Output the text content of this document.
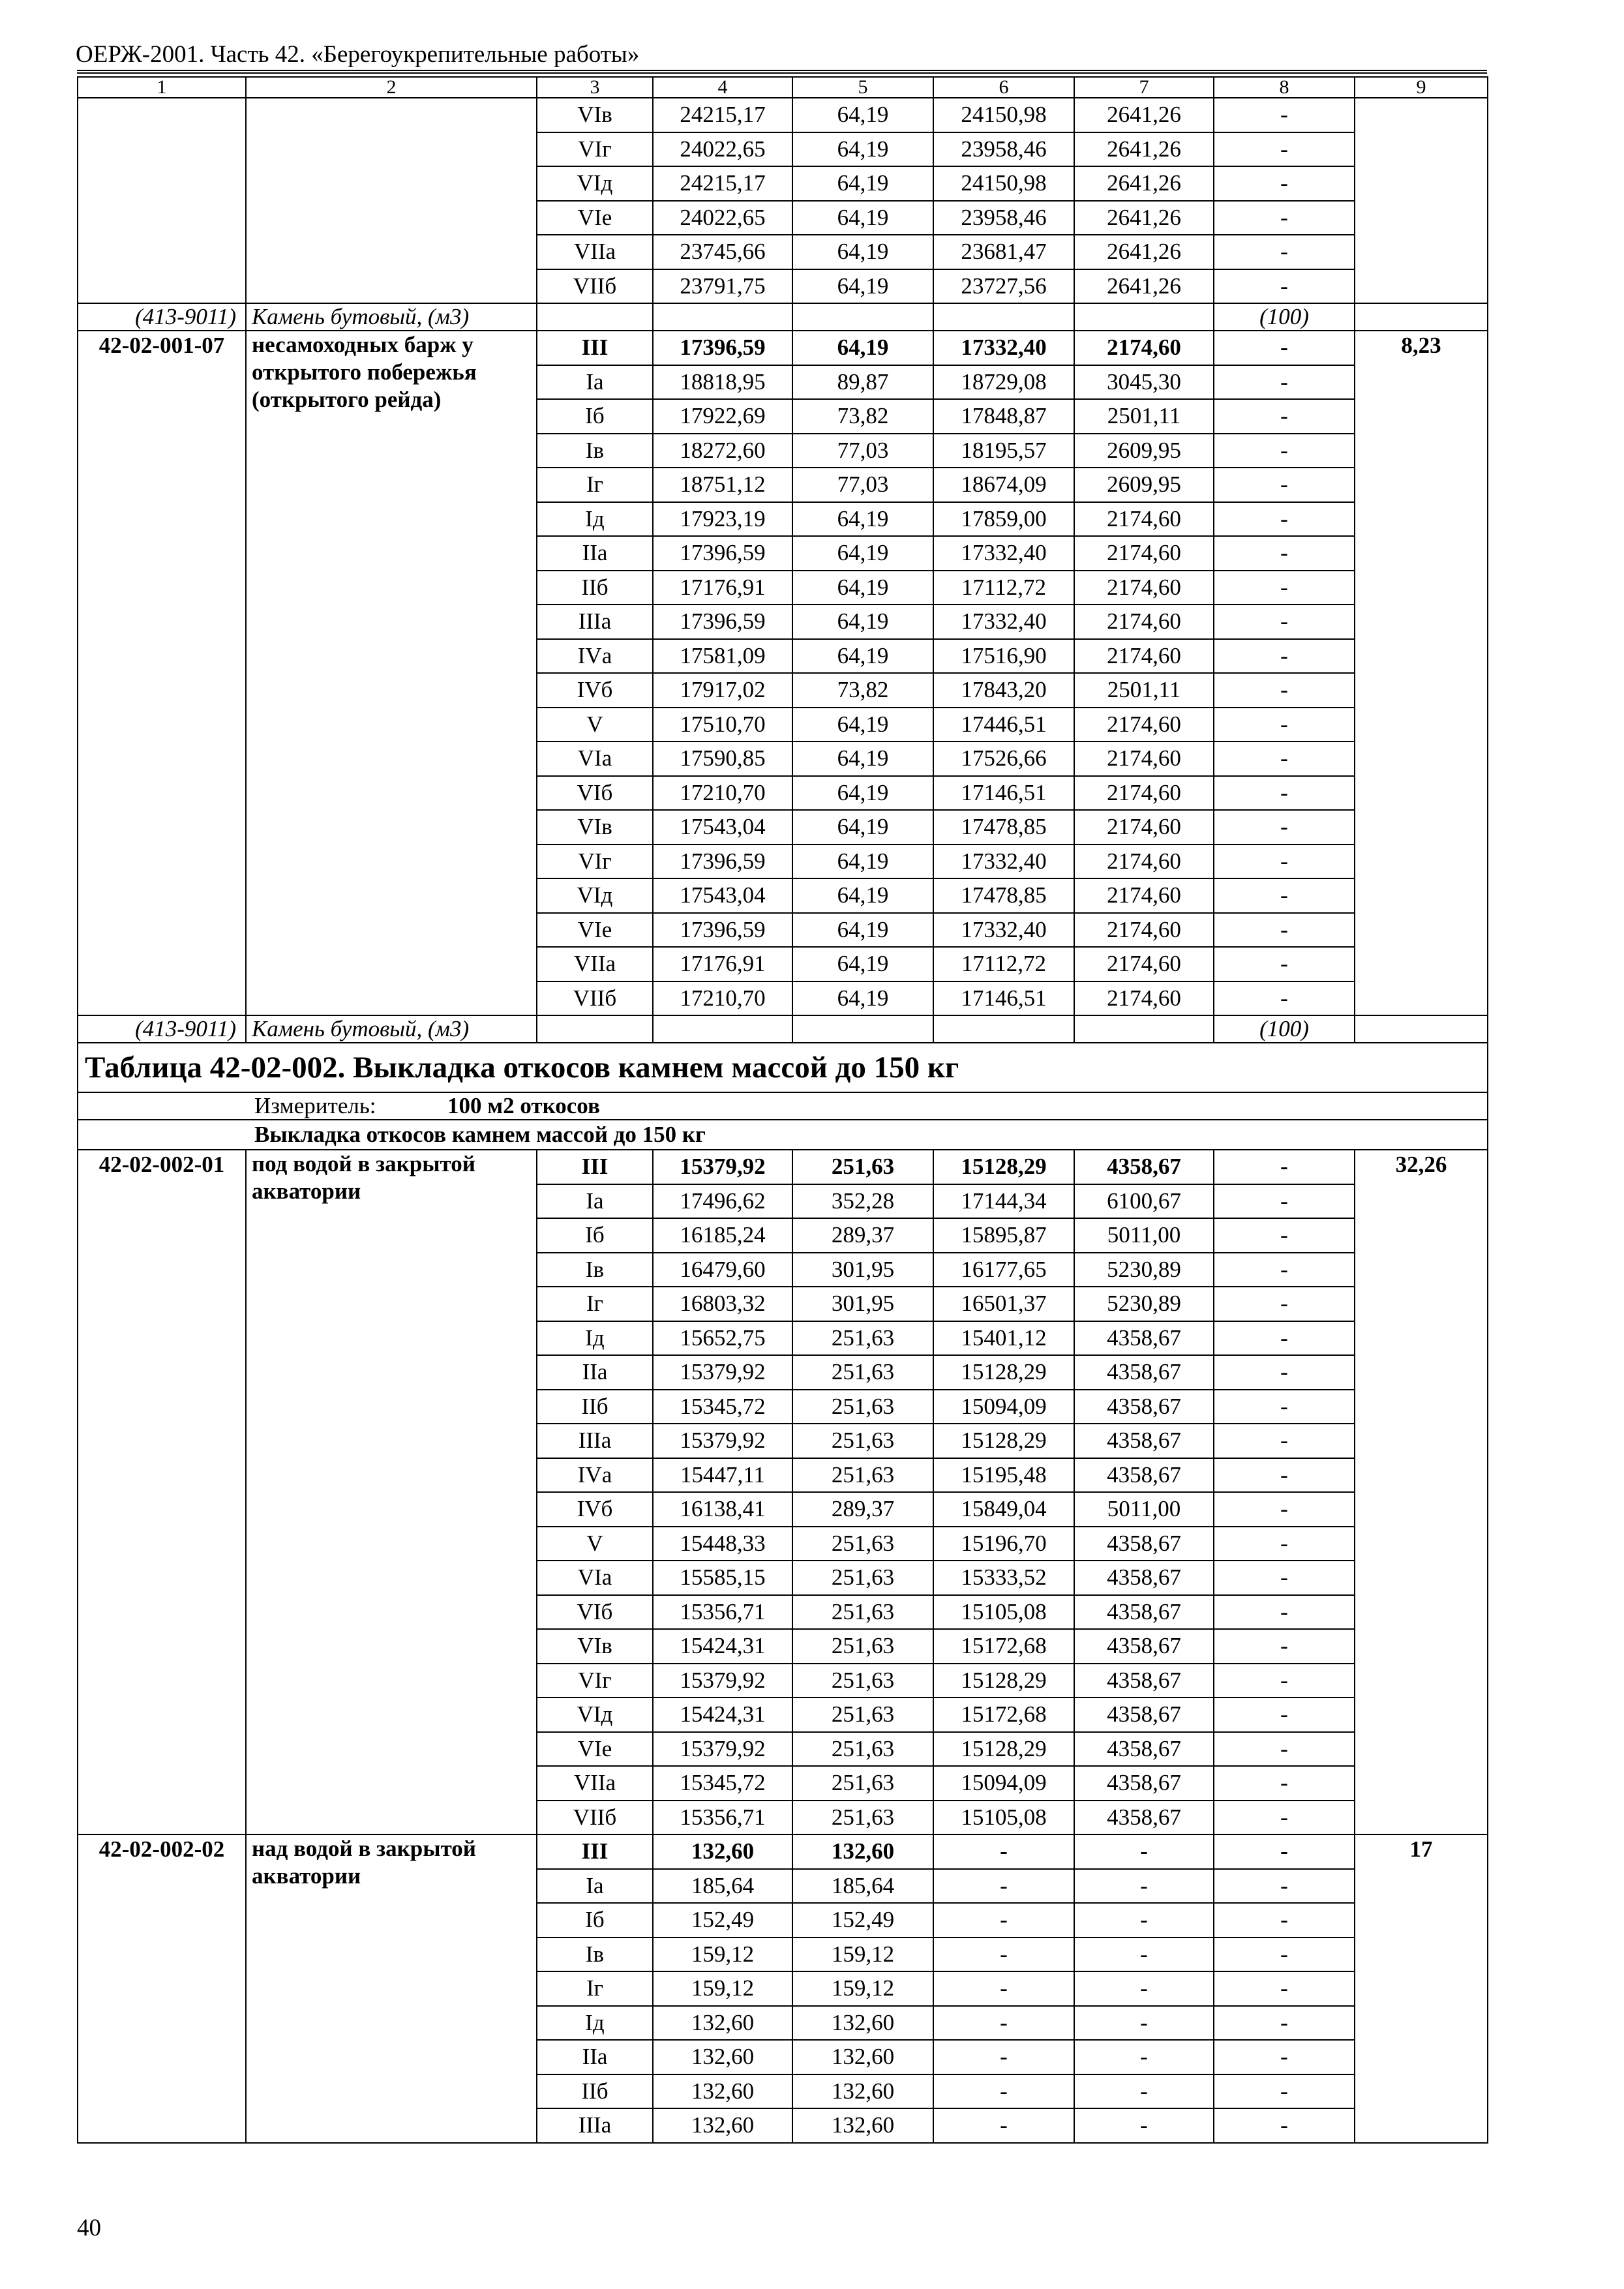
ОЕРЖ-2001. Часть 42. «Берегоукрепительные работы»
1	2	3	4	5	6	7	8	9
		VIв	24215,17	64,19	24150,98	2641,26	-	
		VIг	24022,65	64,19	23958,46	2641,26	-	
		VIд	24215,17	64,19	24150,98	2641,26	-	
		VIе	24022,65	64,19	23958,46	2641,26	-	
		VIIа	23745,66	64,19	23681,47	2641,26	-	
		VIIб	23791,75	64,19	23727,56	2641,26	-	
(413-9011)	Камень бутовый, (м3)						(100)	
42-02-001-07	несамоходных барж у открытого побережья (открытого рейда)	III	17396,59	64,19	17332,40	2174,60	-	8,23
		Iа	18818,95	89,87	18729,08	3045,30	-	
		Iб	17922,69	73,82	17848,87	2501,11	-	
		Iв	18272,60	77,03	18195,57	2609,95	-	
		Iг	18751,12	77,03	18674,09	2609,95	-	
		Iд	17923,19	64,19	17859,00	2174,60	-	
		IIа	17396,59	64,19	17332,40	2174,60	-	
		IIб	17176,91	64,19	17112,72	2174,60	-	
		IIIа	17396,59	64,19	17332,40	2174,60	-	
		IVа	17581,09	64,19	17516,90	2174,60	-	
		IVб	17917,02	73,82	17843,20	2501,11	-	
		V	17510,70	64,19	17446,51	2174,60	-	
		VIа	17590,85	64,19	17526,66	2174,60	-	
		VIб	17210,70	64,19	17146,51	2174,60	-	
		VIв	17543,04	64,19	17478,85	2174,60	-	
		VIг	17396,59	64,19	17332,40	2174,60	-	
		VIд	17543,04	64,19	17478,85	2174,60	-	
		VIе	17396,59	64,19	17332,40	2174,60	-	
		VIIа	17176,91	64,19	17112,72	2174,60	-	
		VIIб	17210,70	64,19	17146,51	2174,60	-	
(413-9011)	Камень бутовый, (м3)						(100)	
Таблица 42-02-002. Выкладка откосов камнем массой до 150 кг								
Измеритель: 100 м2 откосов								
Выкладка откосов камнем массой до 150 кг								
42-02-002-01	под водой в закрытой акватории	III	15379,92	251,63	15128,29	4358,67	-	32,26
		Iа	17496,62	352,28	17144,34	6100,67	-	
		Iб	16185,24	289,37	15895,87	5011,00	-	
		Iв	16479,60	301,95	16177,65	5230,89	-	
		Iг	16803,32	301,95	16501,37	5230,89	-	
		Iд	15652,75	251,63	15401,12	4358,67	-	
		IIа	15379,92	251,63	15128,29	4358,67	-	
		IIб	15345,72	251,63	15094,09	4358,67	-	
		IIIа	15379,92	251,63	15128,29	4358,67	-	
		IVа	15447,11	251,63	15195,48	4358,67	-	
		IVб	16138,41	289,37	15849,04	5011,00	-	
		V	15448,33	251,63	15196,70	4358,67	-	
		VIа	15585,15	251,63	15333,52	4358,67	-	
		VIб	15356,71	251,63	15105,08	4358,67	-	
		VIв	15424,31	251,63	15172,68	4358,67	-	
		VIг	15379,92	251,63	15128,29	4358,67	-	
		VIд	15424,31	251,63	15172,68	4358,67	-	
		VIе	15379,92	251,63	15128,29	4358,67	-	
		VIIа	15345,72	251,63	15094,09	4358,67	-	
		VIIб	15356,71	251,63	15105,08	4358,67	-	
42-02-002-02	над водой в закрытой акватории	III	132,60	132,60	-	-	-	17
		Iа	185,64	185,64	-	-	-	
		Iб	152,49	152,49	-	-	-	
		Iв	159,12	159,12	-	-	-	
		Iг	159,12	159,12	-	-	-	
		Iд	132,60	132,60	-	-	-	
		IIа	132,60	132,60	-	-	-	
		IIб	132,60	132,60	-	-	-	
		IIIа	132,60	132,60	-	-	-	
40
